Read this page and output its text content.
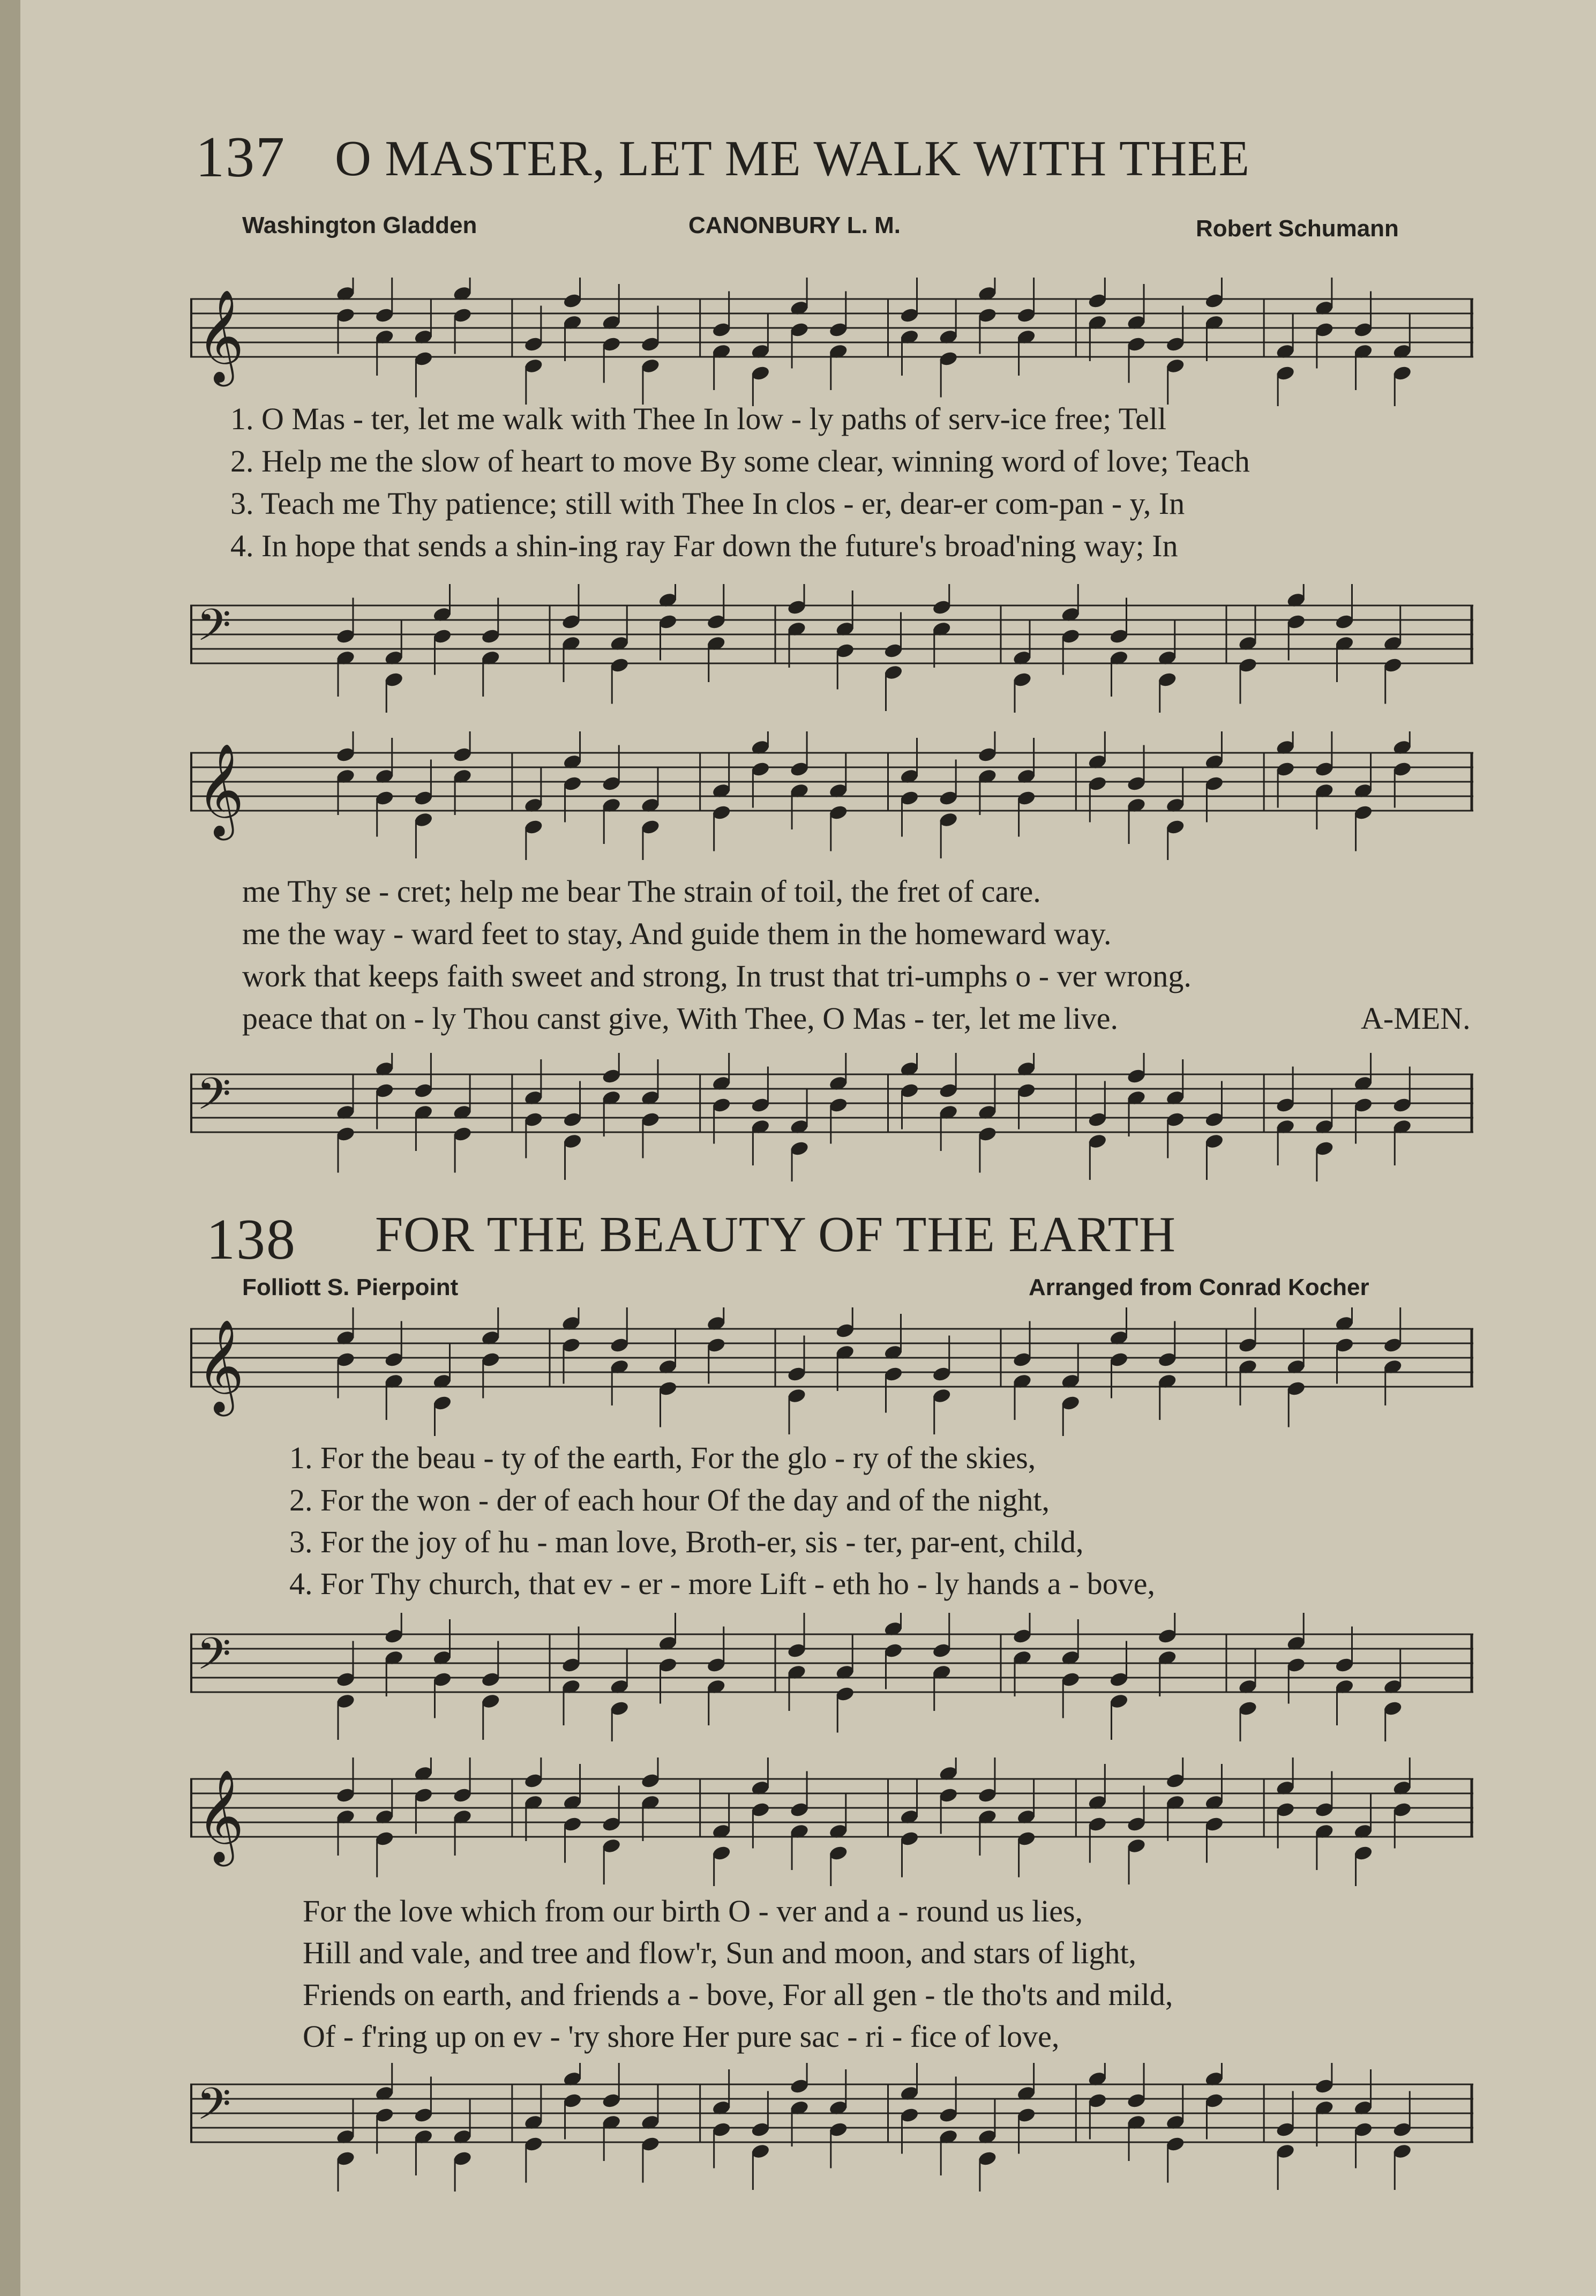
137 O MASTER, LET ME WALK WITH THEE
Washington Gladden	CANONBURY L. M.	Robert Schumann
𝄞
1. O Mas - ter, let me walk with Thee In low - ly paths of serv-ice free; Tell
2. Help me the slow of heart to move By some clear, winning word of love; Teach
3. Teach me Thy patience; still with Thee In clos - er, dear-er com-pan - y, In
4. In hope that sends a shin-ing ray Far down the future's broad'ning way; In
𝄢
𝄞
me Thy se - cret; help me bear The strain of toil, the fret of care.
me the way - ward feet to stay, And guide them in the homeward way.
work that keeps faith sweet and strong, In trust that tri-umphs o - ver wrong.
peace that on - ly Thou canst give, With Thee, O Mas - ter, let me live.	A-MEN.
𝄢
138 FOR THE BEAUTY OF THE EARTH
Folliott S. Pierpoint	Arranged from Conrad Kocher
𝄞
1. For the beau - ty of the earth, For the glo - ry of the skies,
2. For the won - der of each hour Of the day and of the night,
3. For the joy of hu - man love, Broth-er, sis - ter, par-ent, child,
4. For Thy church, that ev - er - more Lift - eth ho - ly hands a - bove,
𝄢
𝄞
For the love which from our birth O - ver and a - round us lies,
Hill and vale, and tree and flow'r, Sun and moon, and stars of light,
Friends on earth, and friends a - bove, For all gen - tle tho'ts and mild,
Of - f'ring up on ev - 'ry shore Her pure sac - ri - fice of love,
𝄢
